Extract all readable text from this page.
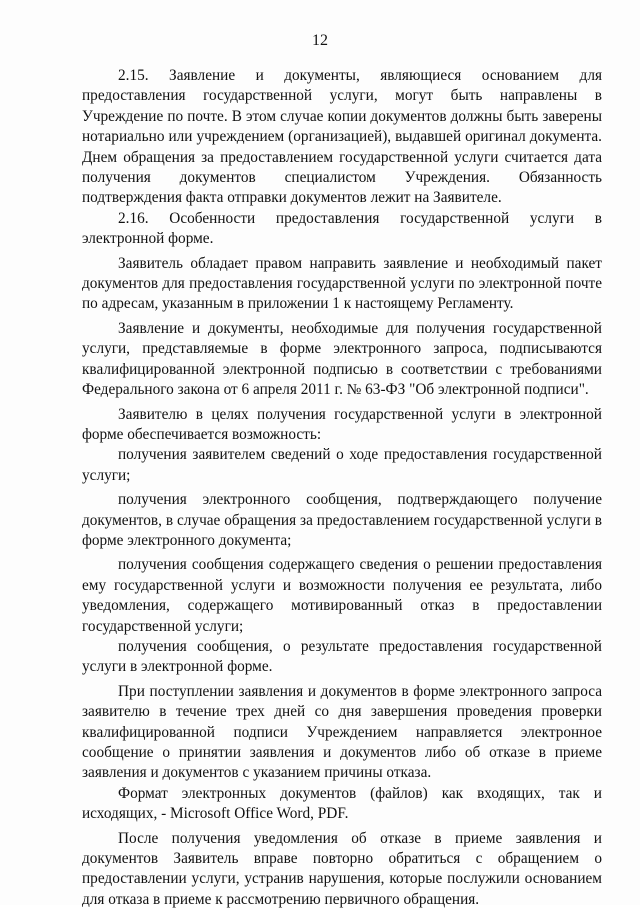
12

2.15. Заявление и документы, являющиеся основанием для предоставления государственной услуги, могут быть направлены в Учреждение по почте. В этом случае копии документов должны быть заверены нотариально или учреждением (организацией), выдавшей оригинал документа. Днем обращения за предоставлением государственной услуги считается дата получения документов специалистом Учреждения. Обязанность подтверждения факта отправки документов лежит на Заявителе.

2.16. Особенности предоставления государственной услуги в электронной форме.

Заявитель обладает правом направить заявление и необходимый пакет документов для предоставления государственной услуги по электронной почте по адресам, указанным в приложении 1 к настоящему Регламенту.

Заявление и документы, необходимые для получения государственной услуги, представляемые в форме электронного запроса, подписываются квалифицированной электронной подписью в соответствии с требованиями Федерального закона от 6 апреля 2011 г. № 63-ФЗ "Об электронной подписи".

Заявителю в целях получения государственной услуги в электронной форме обеспечивается возможность:

получения заявителем сведений о ходе предоставления государственной услуги;

получения электронного сообщения, подтверждающего получение документов, в случае обращения за предоставлением государственной услуги в форме электронного документа;

получения сообщения содержащего сведения о решении предоставления ему государственной услуги и возможности получения ее результата, либо уведомления, содержащего мотивированный отказ в предоставлении государственной услуги;

получения сообщения, о результате предоставления государственной услуги в электронной форме.

При поступлении заявления и документов в форме электронного запроса заявителю в течение трех дней со дня завершения проведения проверки квалифицированной подписи Учреждением направляется электронное сообщение о принятии заявления и документов либо об отказе в приеме заявления и документов с указанием причины отказа.

Формат электронных документов (файлов) как входящих, так и исходящих, - Microsoft Office Word, PDF.

После получения уведомления об отказе в приеме заявления и документов Заявитель вправе повторно обратиться с обращением о предоставлении услуги, устранив нарушения, которые послужили основанием для отказа в приеме к рассмотрению первичного обращения.
